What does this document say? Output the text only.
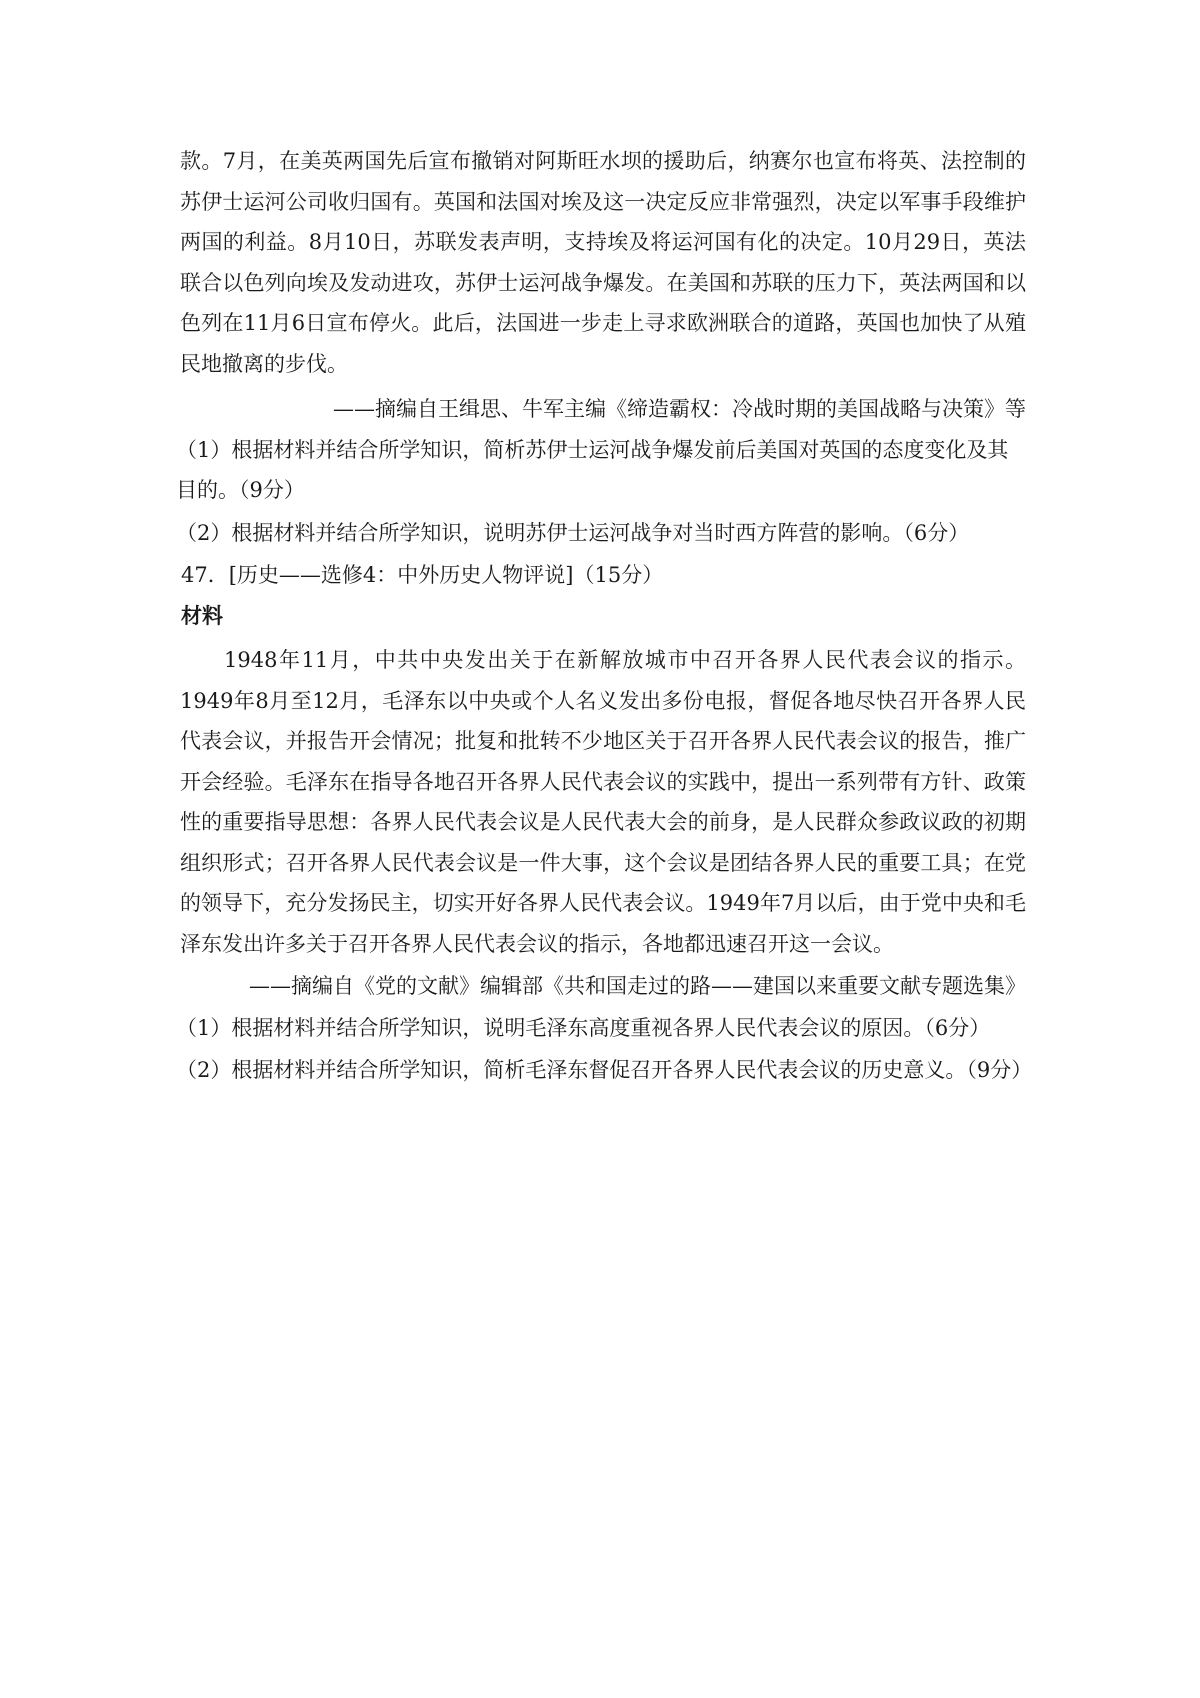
款。7月，在美英两国先后宣布撤销对阿斯旺水坝的援助后，纳赛尔也宣布将英、法控制的苏伊士运河公司收归国有。英国和法国对埃及这一决定反应非常强烈，决定以军事手段维护两国的利益。8月10日，苏联发表声明，支持埃及将运河国有化的决定。10月29日，英法联合以色列向埃及发动进攻，苏伊士运河战争爆发。在美国和苏联的压力下，英法两国和以色列在11月6日宣布停火。此后，法国进一步走上寻求欧洲联合的道路，英国也加快了从殖民地撤离的步伐。
——摘编自王缉思、牛军主编《缔造霸权：冷战时期的美国战略与决策》等
（1）根据材料并结合所学知识，简析苏伊士运河战争爆发前后美国对英国的态度变化及其目的。（9分）
（2）根据材料并结合所学知识，说明苏伊士运河战争对当时西方阵营的影响。（6分）
47．[历史——选修4：中外历史人物评说]（15分）
材料
1948年11月，中共中央发出关于在新解放城市中召开各界人民代表会议的指示。1949年8月至12月，毛泽东以中央或个人名义发出多份电报，督促各地尽快召开各界人民代表会议，并报告开会情况；批复和批转不少地区关于召开各界人民代表会议的报告，推广开会经验。毛泽东在指导各地召开各界人民代表会议的实践中，提出一系列带有方针、政策性的重要指导思想：各界人民代表会议是人民代表大会的前身，是人民群众参政议政的初期组织形式；召开各界人民代表会议是一件大事，这个会议是团结各界人民的重要工具；在党的领导下，充分发扬民主，切实开好各界人民代表会议。1949年7月以后，由于党中央和毛泽东发出许多关于召开各界人民代表会议的指示，各地都迅速召开这一会议。
——摘编自《党的文献》编辑部《共和国走过的路——建国以来重要文献专题选集》
（1）根据材料并结合所学知识，说明毛泽东高度重视各界人民代表会议的原因。（6分）
（2）根据材料并结合所学知识，简析毛泽东督促召开各界人民代表会议的历史意义。（9分）
